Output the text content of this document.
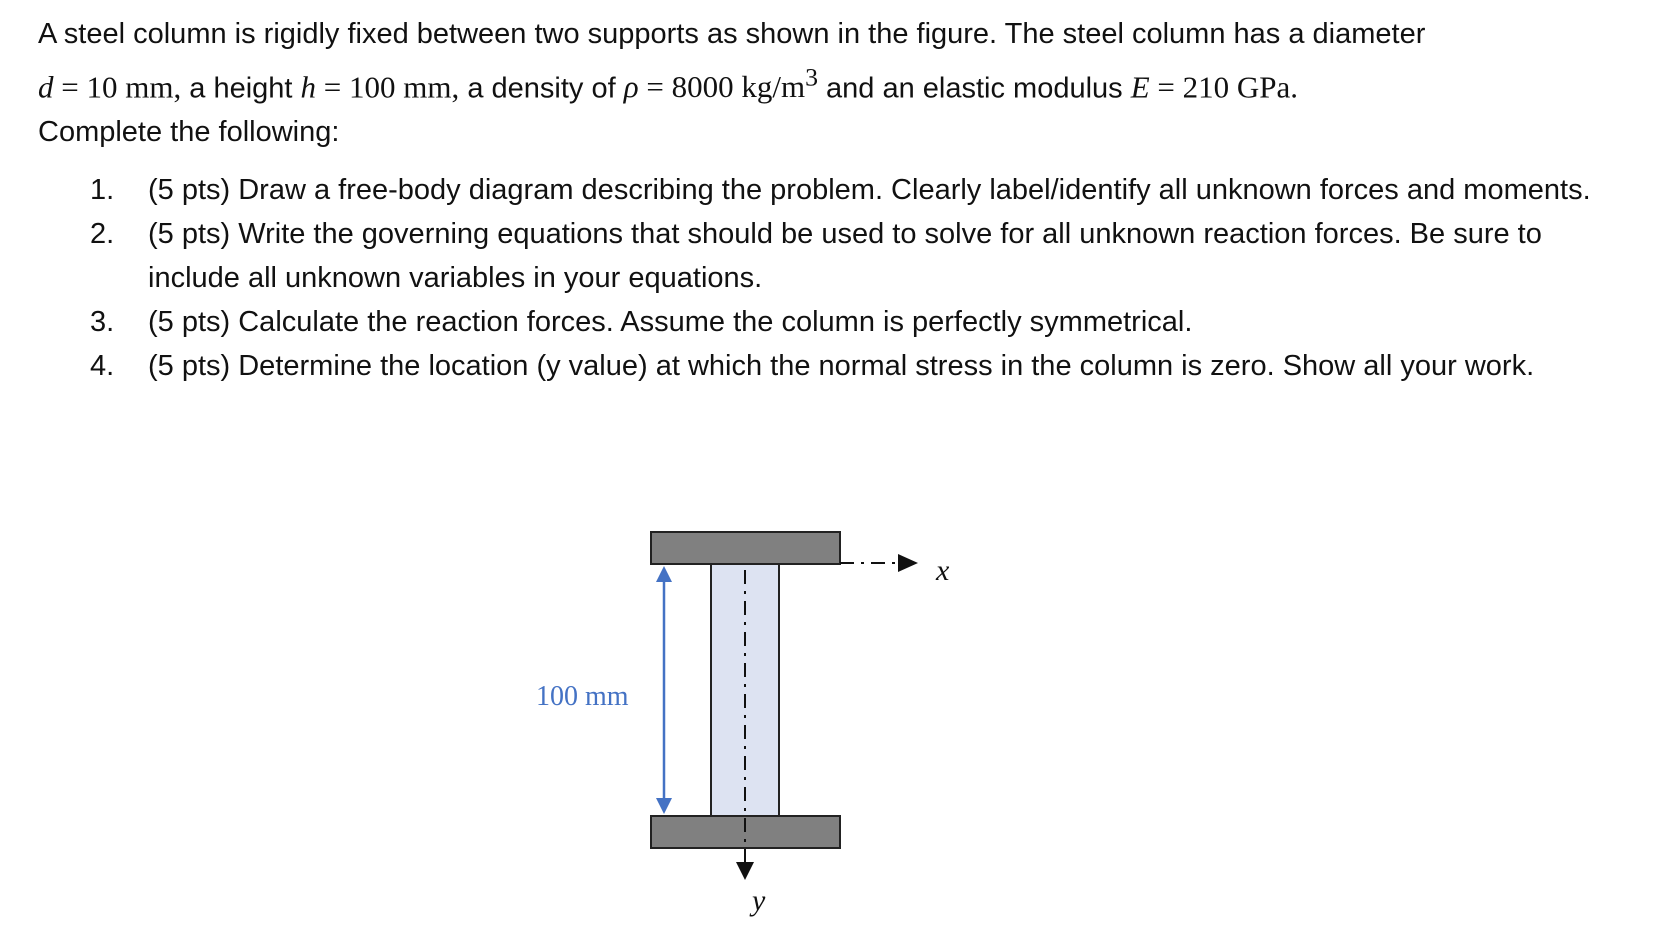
A steel column is rigidly fixed between two supports as shown in the figure. The steel column has a diameter
d = 10 mm, a height h = 100 mm, a density of ρ = 8000 $kg/m^3$ and an elastic modulus E = 210 GPa.
Complete the following:
1. (5 pts) Draw a free-body diagram describing the problem. Clearly label/identify all unknown forces and moments.
2. (5 pts) Write the governing equations that should be used to solve for all unknown reaction forces. Be sure to include all unknown variables in your equations.
3. (5 pts) Calculate the reaction forces. Assume the column is perfectly symmetrical.
4. (5 pts) Determine the location (y value) at which the normal stress in the column is zero. Show all your work.
100 mm
x
y
